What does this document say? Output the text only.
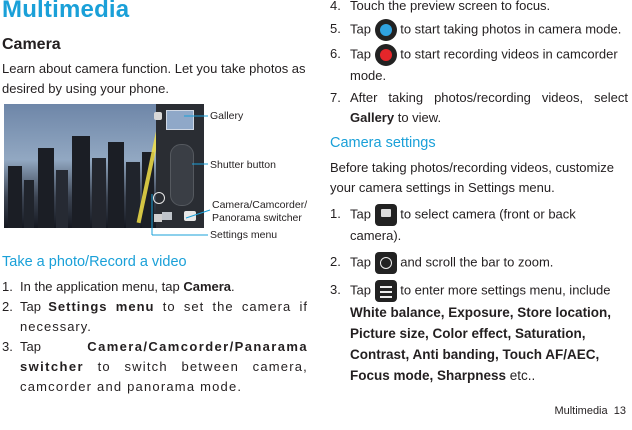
Multimedia
Camera
Learn about camera function. Let you take photos as desired by using your phone.
Gallery
Shutter button
Camera/Camcorder/
Panorama switcher
Settings menu
Take a photo/Record a video
1. In the application menu, tap Camera.
2. Tap Settings menu to set the camera if necessary.
3. Tap Camera/Camcorder/Panarama switcher to switch between camera, camcorder and panorama mode.
4. Touch the preview screen to focus.
5. Tap to start taking photos in camera mode.
6. Tap to start recording videos in camcorder mode.
7. After taking photos/recording videos, select Gallery to view.
Camera settings
Before taking photos/recording videos, customize your camera settings in Settings menu.
1. Tap to select camera (front or back camera).
2. Tap and scroll the bar to zoom.
3. Tap to enter more settings menu, include
White balance, Exposure, Store location, Picture size, Color effect, Saturation, Contrast, Anti banding, Touch AF/AEC, Focus mode, Sharpness etc..
Multimedia 13
